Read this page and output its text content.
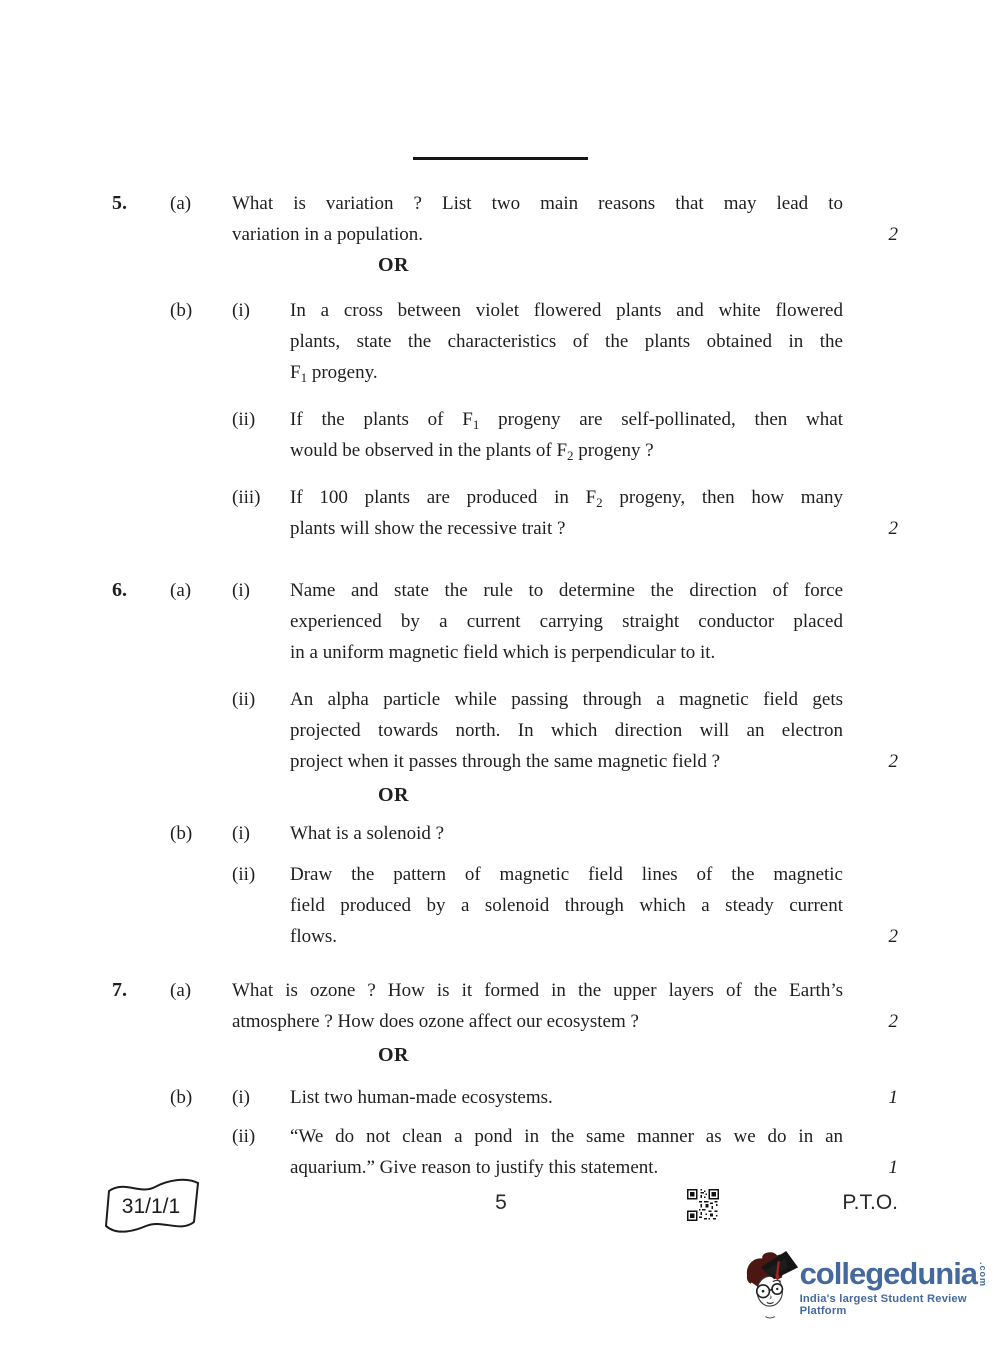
5.	(a)	What is variation ? List two main reasons that may lead to
variation in a population.	2
OR
(b)	(i)	In a cross between violet flowered plants and white flowered
plants, state the characteristics of the plants obtained in the
$F_1$ progeny.
(ii)	If the plants of $F_1$ progeny are self-pollinated, then what
would be observed in the plants of $F_2$ progeny ?
(iii)	If 100 plants are produced in $F_2$ progeny, then how many
plants will show the recessive trait ?	2
6.	(a)	(i)	Name and state the rule to determine the direction of force
experienced by a current carrying straight conductor placed
in a uniform magnetic field which is perpendicular to it.
(ii)	An alpha particle while passing through a magnetic field gets
projected towards north. In which direction will an electron
project when it passes through the same magnetic field ?	2
OR
(b)	(i)	What is a solenoid ?
(ii)	Draw the pattern of magnetic field lines of the magnetic
field produced by a solenoid through which a steady current
flows.	2
7.	(a)	What is ozone ? How is it formed in the upper layers of the Earth’s
atmosphere ? How does ozone affect our ecosystem ?	2
OR
(b)	(i)	List two human-made ecosystems.	1
(ii)	“We do not clean a pond in the same manner as we do in an
aquarium.” Give reason to justify this statement.	1
31/1/1	5	P.T.O.
collegedunia .com
India's largest Student Review Platform
